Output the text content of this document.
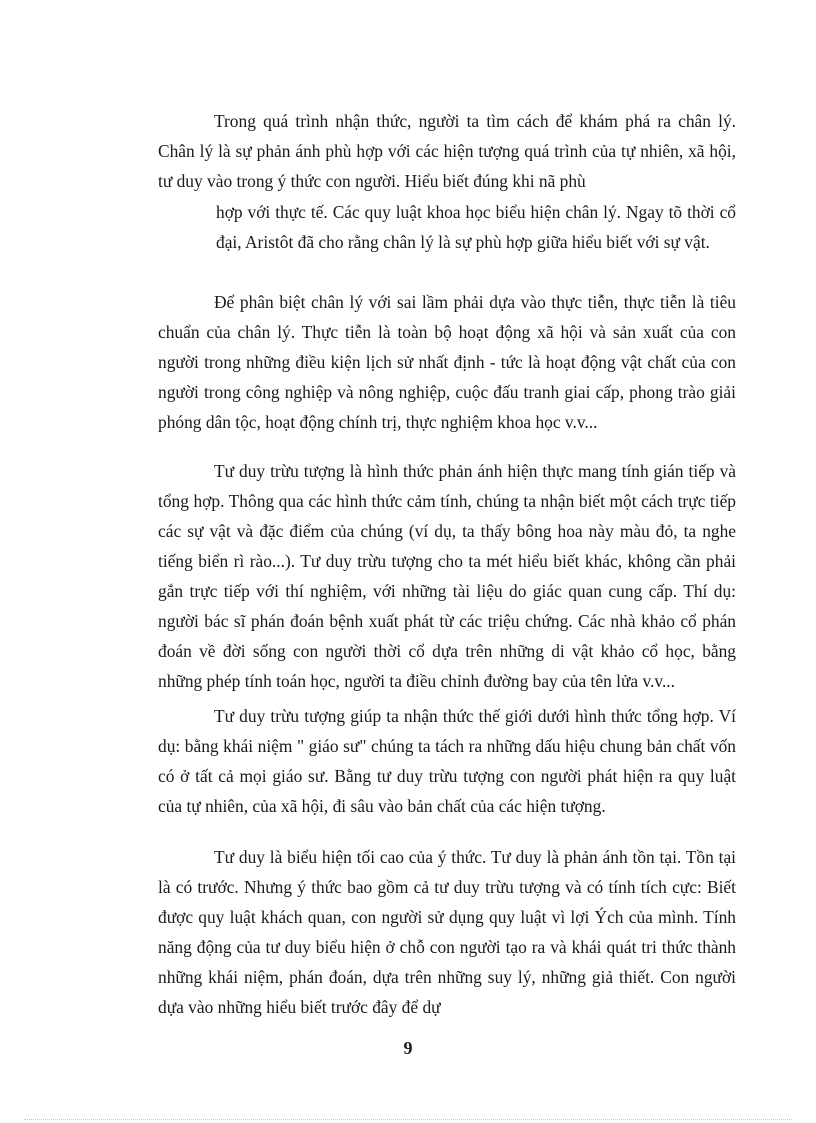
Trong quá trình nhận thức, người ta tìm cách để khám phá ra chân lý. Chân lý là sự phản ánh phù hợp với các hiện tượng quá trình của tự nhiên, xã hội, tư duy vào trong ý thức con người. Hiểu biết đúng khi nã phù

hợp với thực tế. Các quy luật khoa học biểu hiện chân lý. Ngay tõ thời cổ đại, Aristôt đã cho rằng chân lý là sự phù hợp giữa hiểu biết với sự vật.

Để phân biệt chân lý với sai lầm phải dựa vào thực tiễn, thực tiễn là tiêu chuẩn của chân lý. Thực tiễn là toàn bộ hoạt động xã hội và sản xuất của con người trong những điều kiện lịch sử nhất định - tức là hoạt động vật chất của con người trong công nghiệp và nông nghiệp, cuộc đấu tranh giai cấp, phong trào giải phóng dân tộc, hoạt động chính trị, thực nghiệm khoa học v.v...

Tư duy trừu tượng là hình thức phản ánh hiện thực mang tính gián tiếp và tổng hợp. Thông qua các hình thức cảm tính, chúng ta nhận biết một cách trực tiếp các sự vật và đặc điểm của chúng (ví dụ, ta thấy bông hoa này màu đỏ, ta nghe tiếng biển rì rào...). Tư duy trừu tượng cho ta mét hiểu biết khác, không cần phải gắn trực tiếp với thí nghiệm, với những tài liệu do giác quan cung cấp. Thí dụ: người bác sĩ phán đoán bệnh xuất phát từ các triệu chứng. Các nhà khảo cổ phán đoán về đời sống con người thời cổ dựa trên những di vật khảo cổ học, bằng những phép tính toán học, người ta điều chỉnh đường bay của tên lửa v.v...

Tư duy trừu tượng giúp ta nhận thức thế giới dưới hình thức tổng hợp. Ví dụ: bằng khái niệm " giáo sư" chúng ta tách ra những dấu hiệu chung bản chất vốn có ở tất cả mọi giáo sư. Bằng tư duy trừu tượng con người phát hiện ra quy luật của tự nhiên, của xã hội, đi sâu vào bản chất của các hiện tượng.

Tư duy là biểu hiện tối cao của ý thức. Tư duy là phản ánh tồn tại. Tồn tại là có trước. Nhưng ý thức bao gồm cả tư duy trừu tượng và có tính tích cực: Biết được quy luật khách quan, con người sử dụng quy luật vì lợi Ých của mình. Tính năng động của tư duy biểu hiện ở chỗ con người tạo ra và khái quát tri thức thành những khái niệm, phán đoán, dựa trên những suy lý, những giả thiết. Con người dựa vào những hiểu biết trước đây để dự

9
